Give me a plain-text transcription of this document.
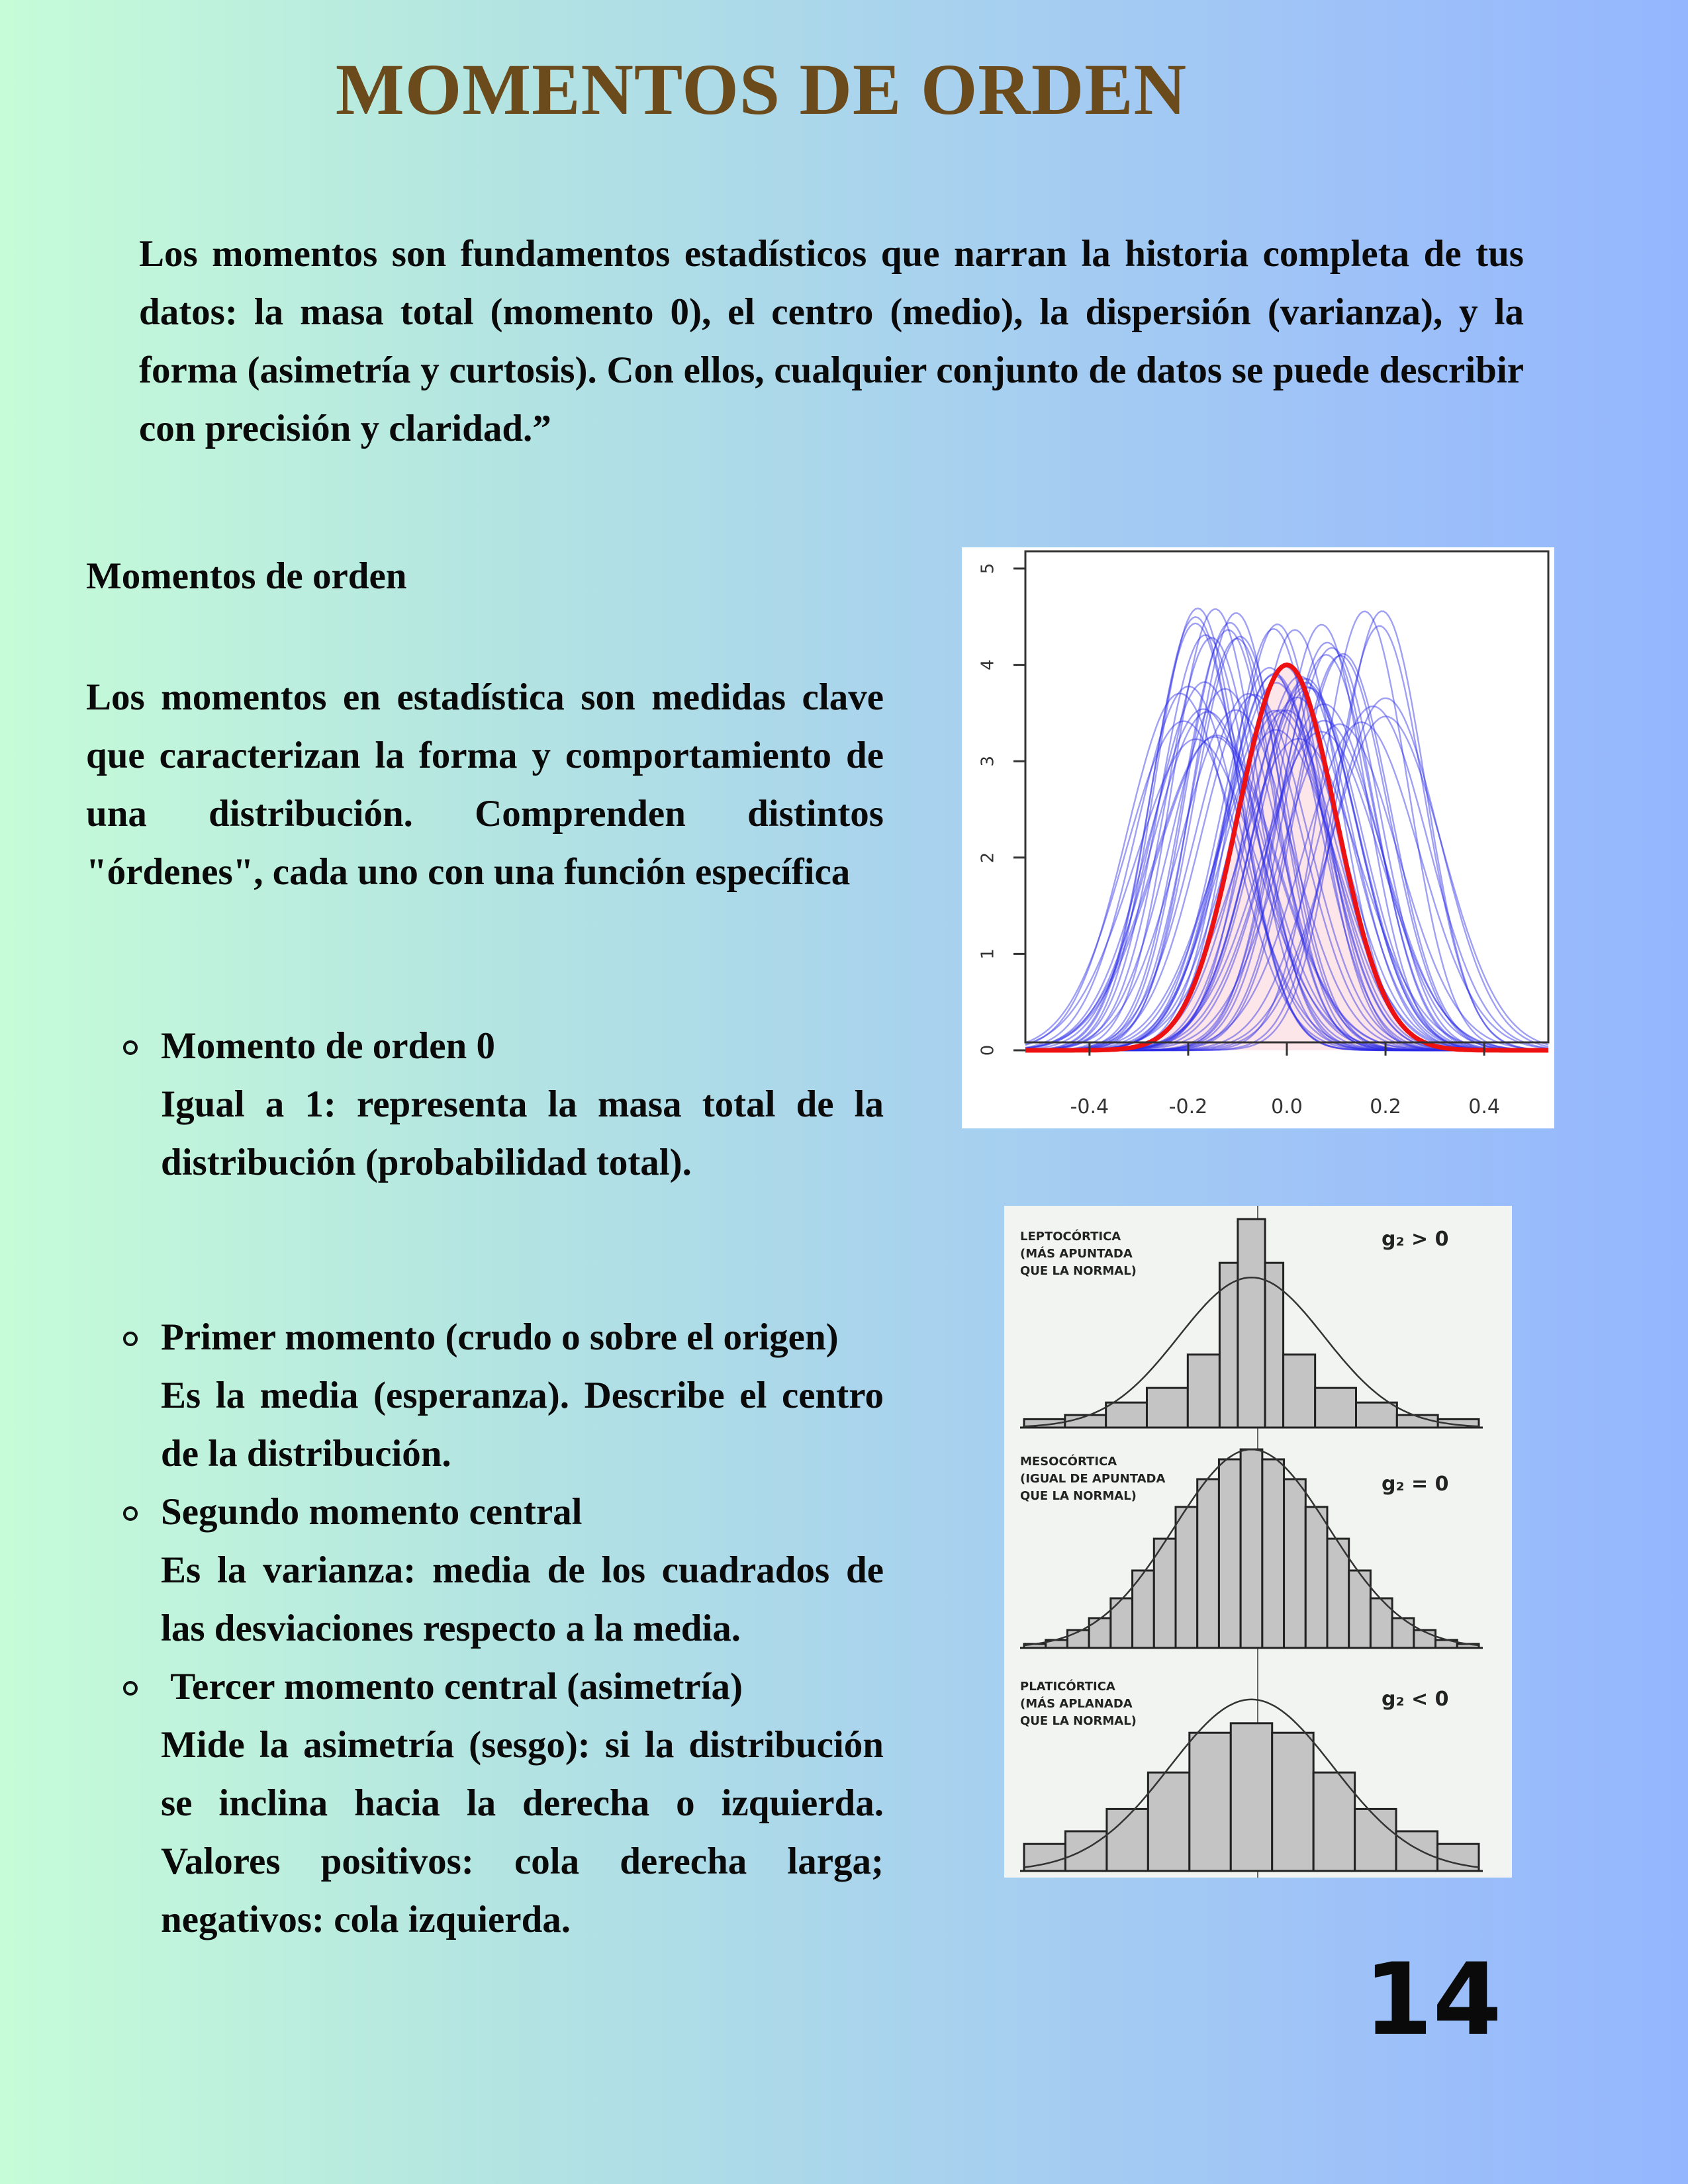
MOMENTOS DE ORDEN

Los momentos son fundamentos estadísticos que narran la historia completa de tus datos: la masa total (momento 0), el centro (medio), la dispersión (varianza), y la forma (asimetría y curtosis). Con ellos, cualquier conjunto de datos se puede describir con precisión y claridad.”

Momentos de orden

Los momentos en estadística son medidas clave que caracterizan la forma y comportamiento de una distribución. Comprenden distintos "órdenes", cada uno con una función específica

Momento de orden 0
Igual a 1: representa la masa total de la distribución (probabilidad total).
Primer momento (crudo o sobre el origen)
Es la media (esperanza). Describe el centro de la distribución.
Segundo momento central
Es la varianza: media de los cuadrados de las desviaciones respecto a la media.
Tercer momento central (asimetría)
Mide la asimetría (sesgo): si la distribución se inclina hacia la derecha o izquierda. Valores positivos: cola derecha larga; negativos: cola izquierda.
0
1
2
3
4
5
-0.4	-0.2	0.0	0.2	0.4
LEPTOCÓRTICA
(MÁS APUNTADA
QUE LA NORMAL)
g₂ > 0
MESOCÓRTICA
(IGUAL DE APUNTADA
QUE LA NORMAL)
g₂ = 0
PLATICÓRTICA
(MÁS APLANADA
QUE LA NORMAL)
g₂ < 0
14
